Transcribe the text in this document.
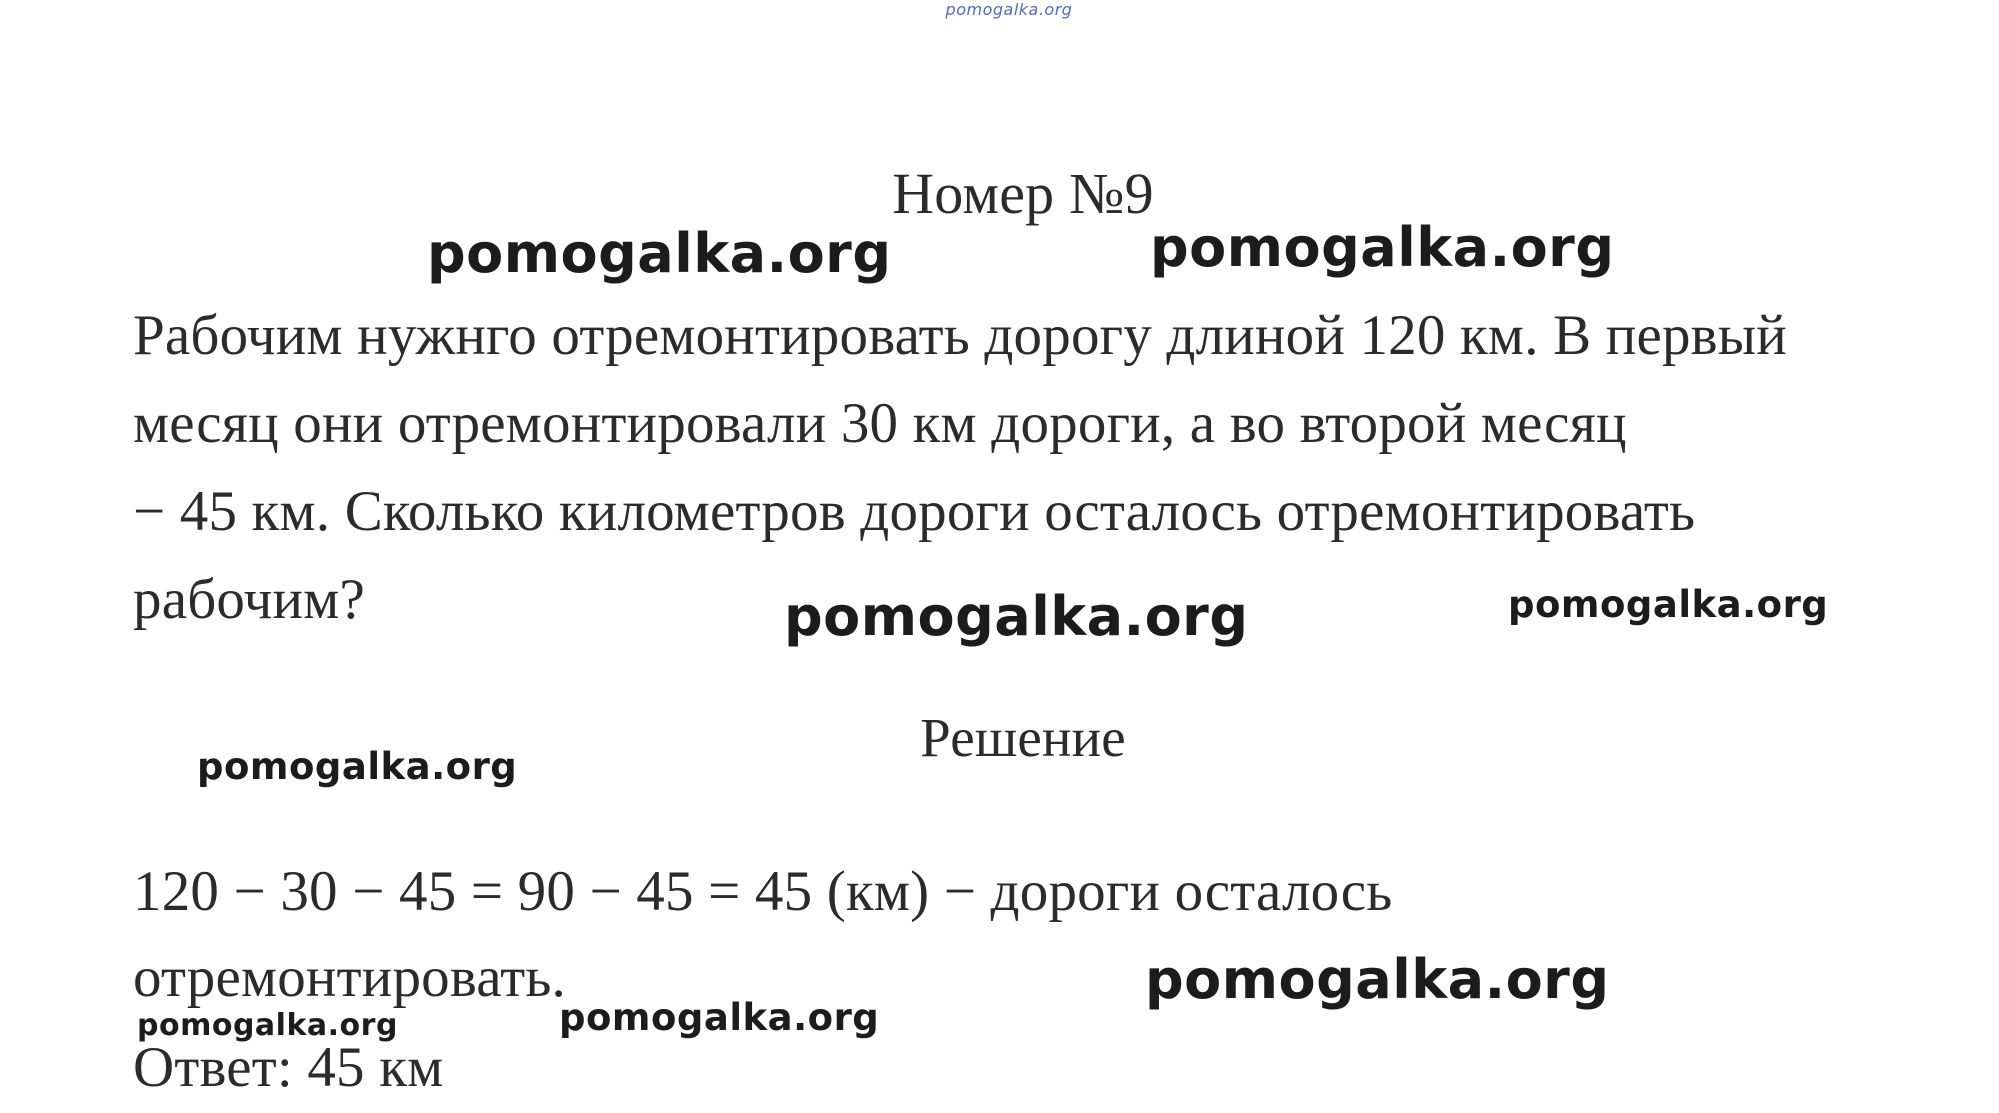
pomogalka.org
Номер №9
pomogalka.org	pomogalka.org
Рабочим нужнго отремонтировать дорогу длиной 120 км. В первый
месяц они отремонтировали 30 км дороги, а во второй месяц
− 45 км. Сколько километров дороги осталось отремонтировать
рабочим?	pomogalka.org	pomogalka.org
Решение
pomogalka.org
120 − 30 − 45 = 90 − 45 = 45 (км) − дороги осталось
отремонтировать.	pomogalka.org
pomogalka.org	pomogalka.org
Ответ: 45 км
